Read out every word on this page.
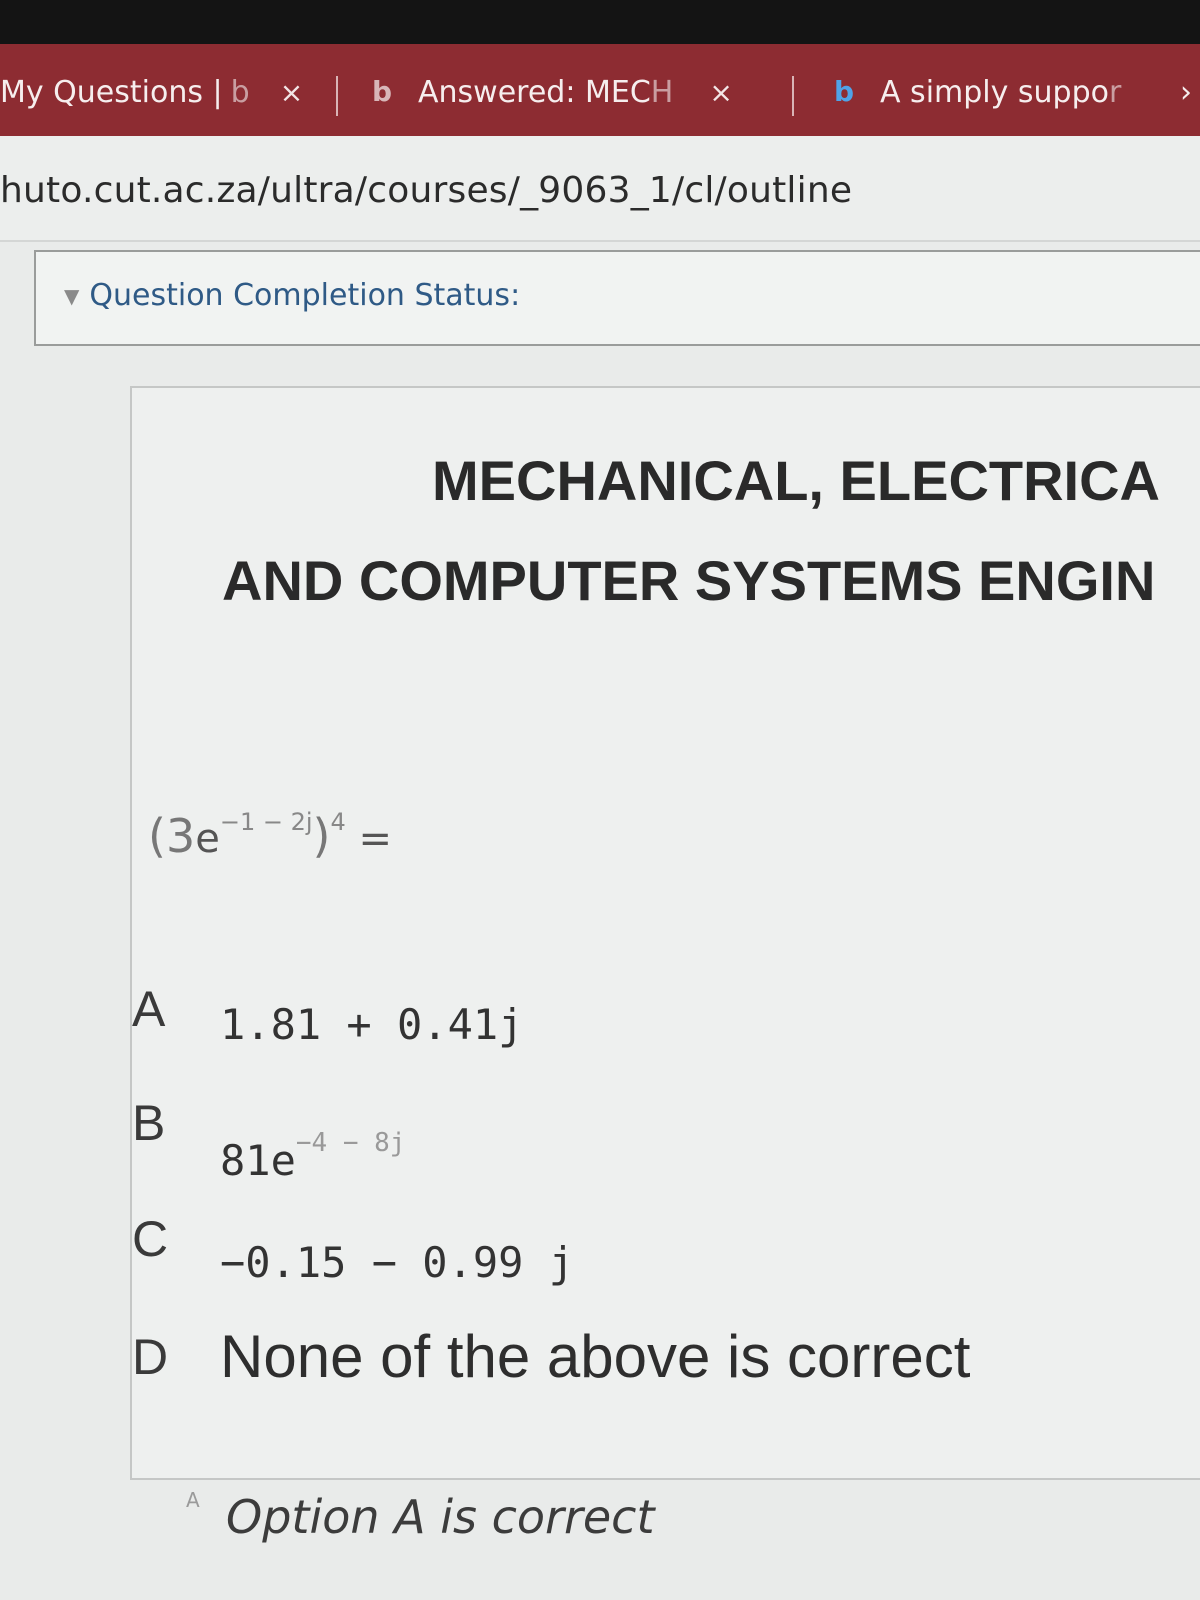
My Questions | b × b Answered: MEC H ×	b A simply suppo r ›
huto.cut.ac.za/ultra/courses/_9063_1/cl/outline
▼ Question Completion Status:
MECHANICAL, ELECTRICA
AND COMPUTER SYSTEMS ENGIN
$(3e^{-1 - 2j})^4$ =
A 1.81 + 0.41j
B
$81e^{-4 - 8j}$
C −0.15 − 0.99 j
D None of the above is correct
A Option A is correct
